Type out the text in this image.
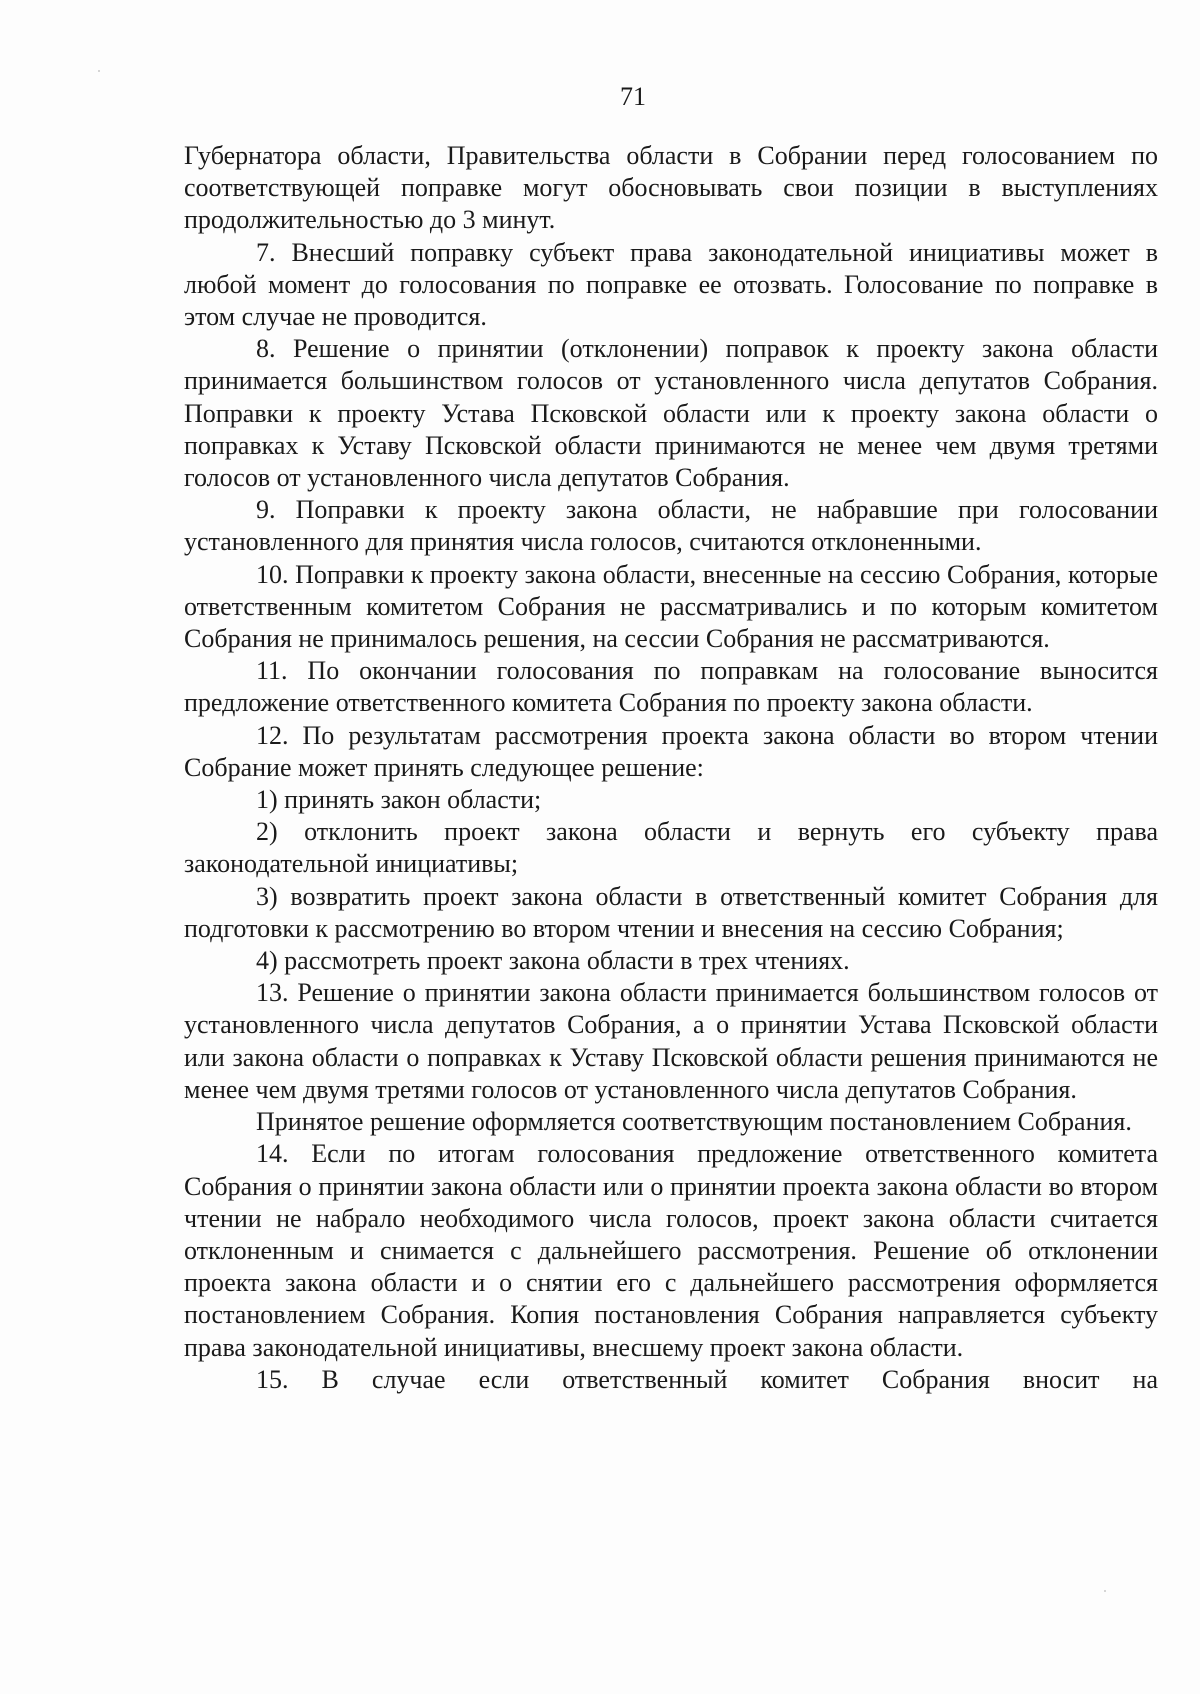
71

Губернатора области, Правительства области в Собрании перед голосованием по соответствующей поправке могут обосновывать свои позиции в выступлениях продолжительностью до 3 минут.

7. Внесший поправку субъект права законодательной инициативы может в любой момент до голосования по поправке ее отозвать. Голосование по поправке в этом случае не проводится.

8. Решение о принятии (отклонении) поправок к проекту закона области принимается большинством голосов от установленного числа депутатов Собрания. Поправки к проекту Устава Псковской области или к проекту закона области о поправках к Уставу Псковской области принимаются не менее чем двумя третями голосов от установленного числа депутатов Собрания.

9. Поправки к проекту закона области, не набравшие при голосовании установленного для принятия числа голосов, считаются отклоненными.

10. Поправки к проекту закона области, внесенные на сессию Собрания, которые ответственным комитетом Собрания не рассматривались и по которым комитетом Собрания не принималось решения, на сессии Собрания не рассматриваются.

11. По окончании голосования по поправкам на голосование выносится предложение ответственного комитета Собрания по проекту закона области.

12. По результатам рассмотрения проекта закона области во втором чтении Собрание может принять следующее решение:

1) принять закон области;

2) отклонить проект закона области и вернуть его субъекту права законодательной инициативы;

3) возвратить проект закона области в ответственный комитет Собрания для подготовки к рассмотрению во втором чтении и внесения на сессию Собрания;

4) рассмотреть проект закона области в трех чтениях.

13. Решение о принятии закона области принимается большинством голосов от установленного числа депутатов Собрания, а о принятии Устава Псковской области или закона области о поправках к Уставу Псковской области решения принимаются не менее чем двумя третями голосов от установленного числа депутатов Собрания.

Принятое решение оформляется соответствующим постановлением Собрания.

14. Если по итогам голосования предложение ответственного комитета Собрания о принятии закона области или о принятии проекта закона области во втором чтении не набрало необходимого числа голосов, проект закона области считается отклоненным и снимается с дальнейшего рассмотрения. Решение об отклонении проекта закона области и о снятии его с дальнейшего рассмотрения оформляется постановлением Собрания. Копия постановления Собрания направляется субъекту права законодательной инициативы, внесшему проект закона области.

15. В случае если ответственный комитет Собрания вносит на
